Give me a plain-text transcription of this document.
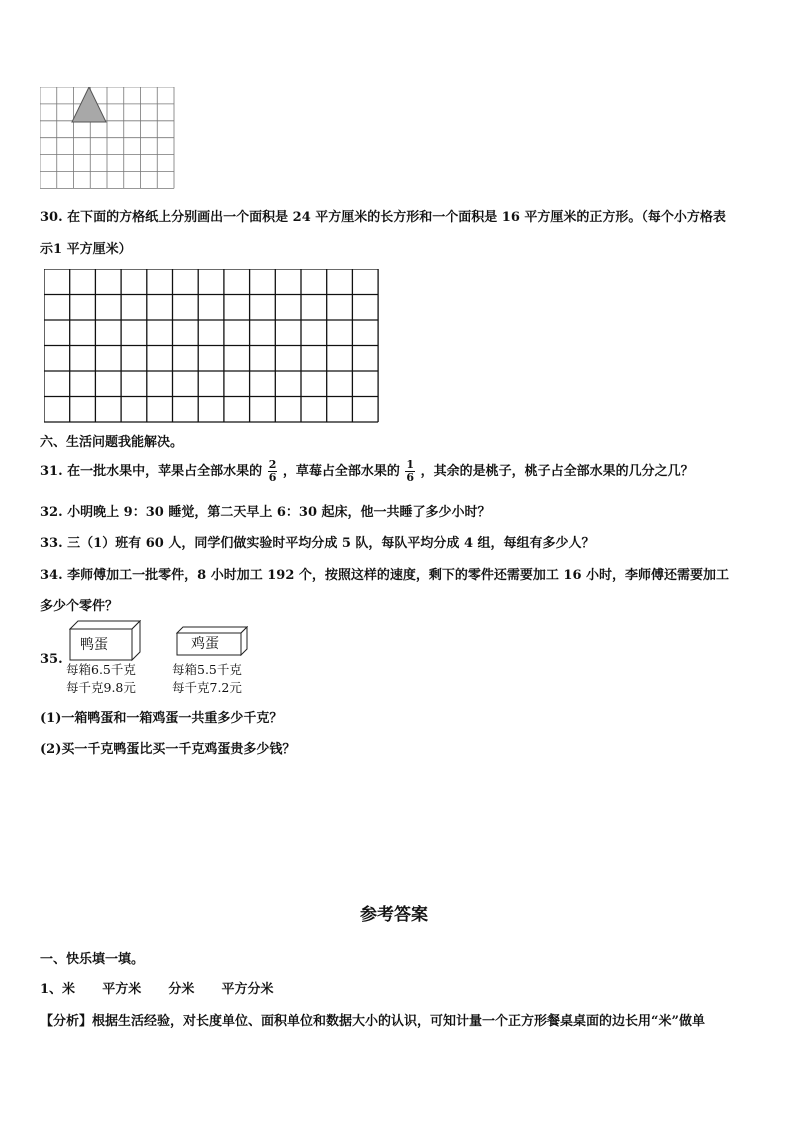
30. 在下面的方格纸上分别画出一个面积是 24 平方厘米的长方形和一个面积是 16 平方厘米的正方形。（每个小方格表
示1 平方厘米）
六、生活问题我能解决。
31. 在一批水果中，苹果占全部水果的 $\frac{2}{6}$ ，草莓占全部水果的 $\frac{1}{6}$ ，其余的是桃子，桃子占全部水果的几分之几？
32. 小明晚上 9：30 睡觉，第二天早上 6：30 起床，他一共睡了多少小时？
33. 三（1）班有 60 人，同学们做实验时平均分成 5 队，每队平均分成 4 组，每组有多少人？
34. 李师傅加工一批零件，8 小时加工 192 个，按照这样的速度，剩下的零件还需要加工 16 小时，李师傅还需要加工
多少个零件？
35.
鸭蛋
每箱6.5千克
每千克9.8元
鸡蛋
每箱5.5千克
每千克7.2元
(1)一箱鸭蛋和一箱鸡蛋一共重多少千克？
(2)买一千克鸭蛋比买一千克鸡蛋贵多少钱？
参考答案
一、快乐填一填。
1、米      平方米      分米      平方分米
【分析】根据生活经验，对长度单位、面积单位和数据大小的认识，可知计量一个正方形餐桌桌面的边长用“米”做单
